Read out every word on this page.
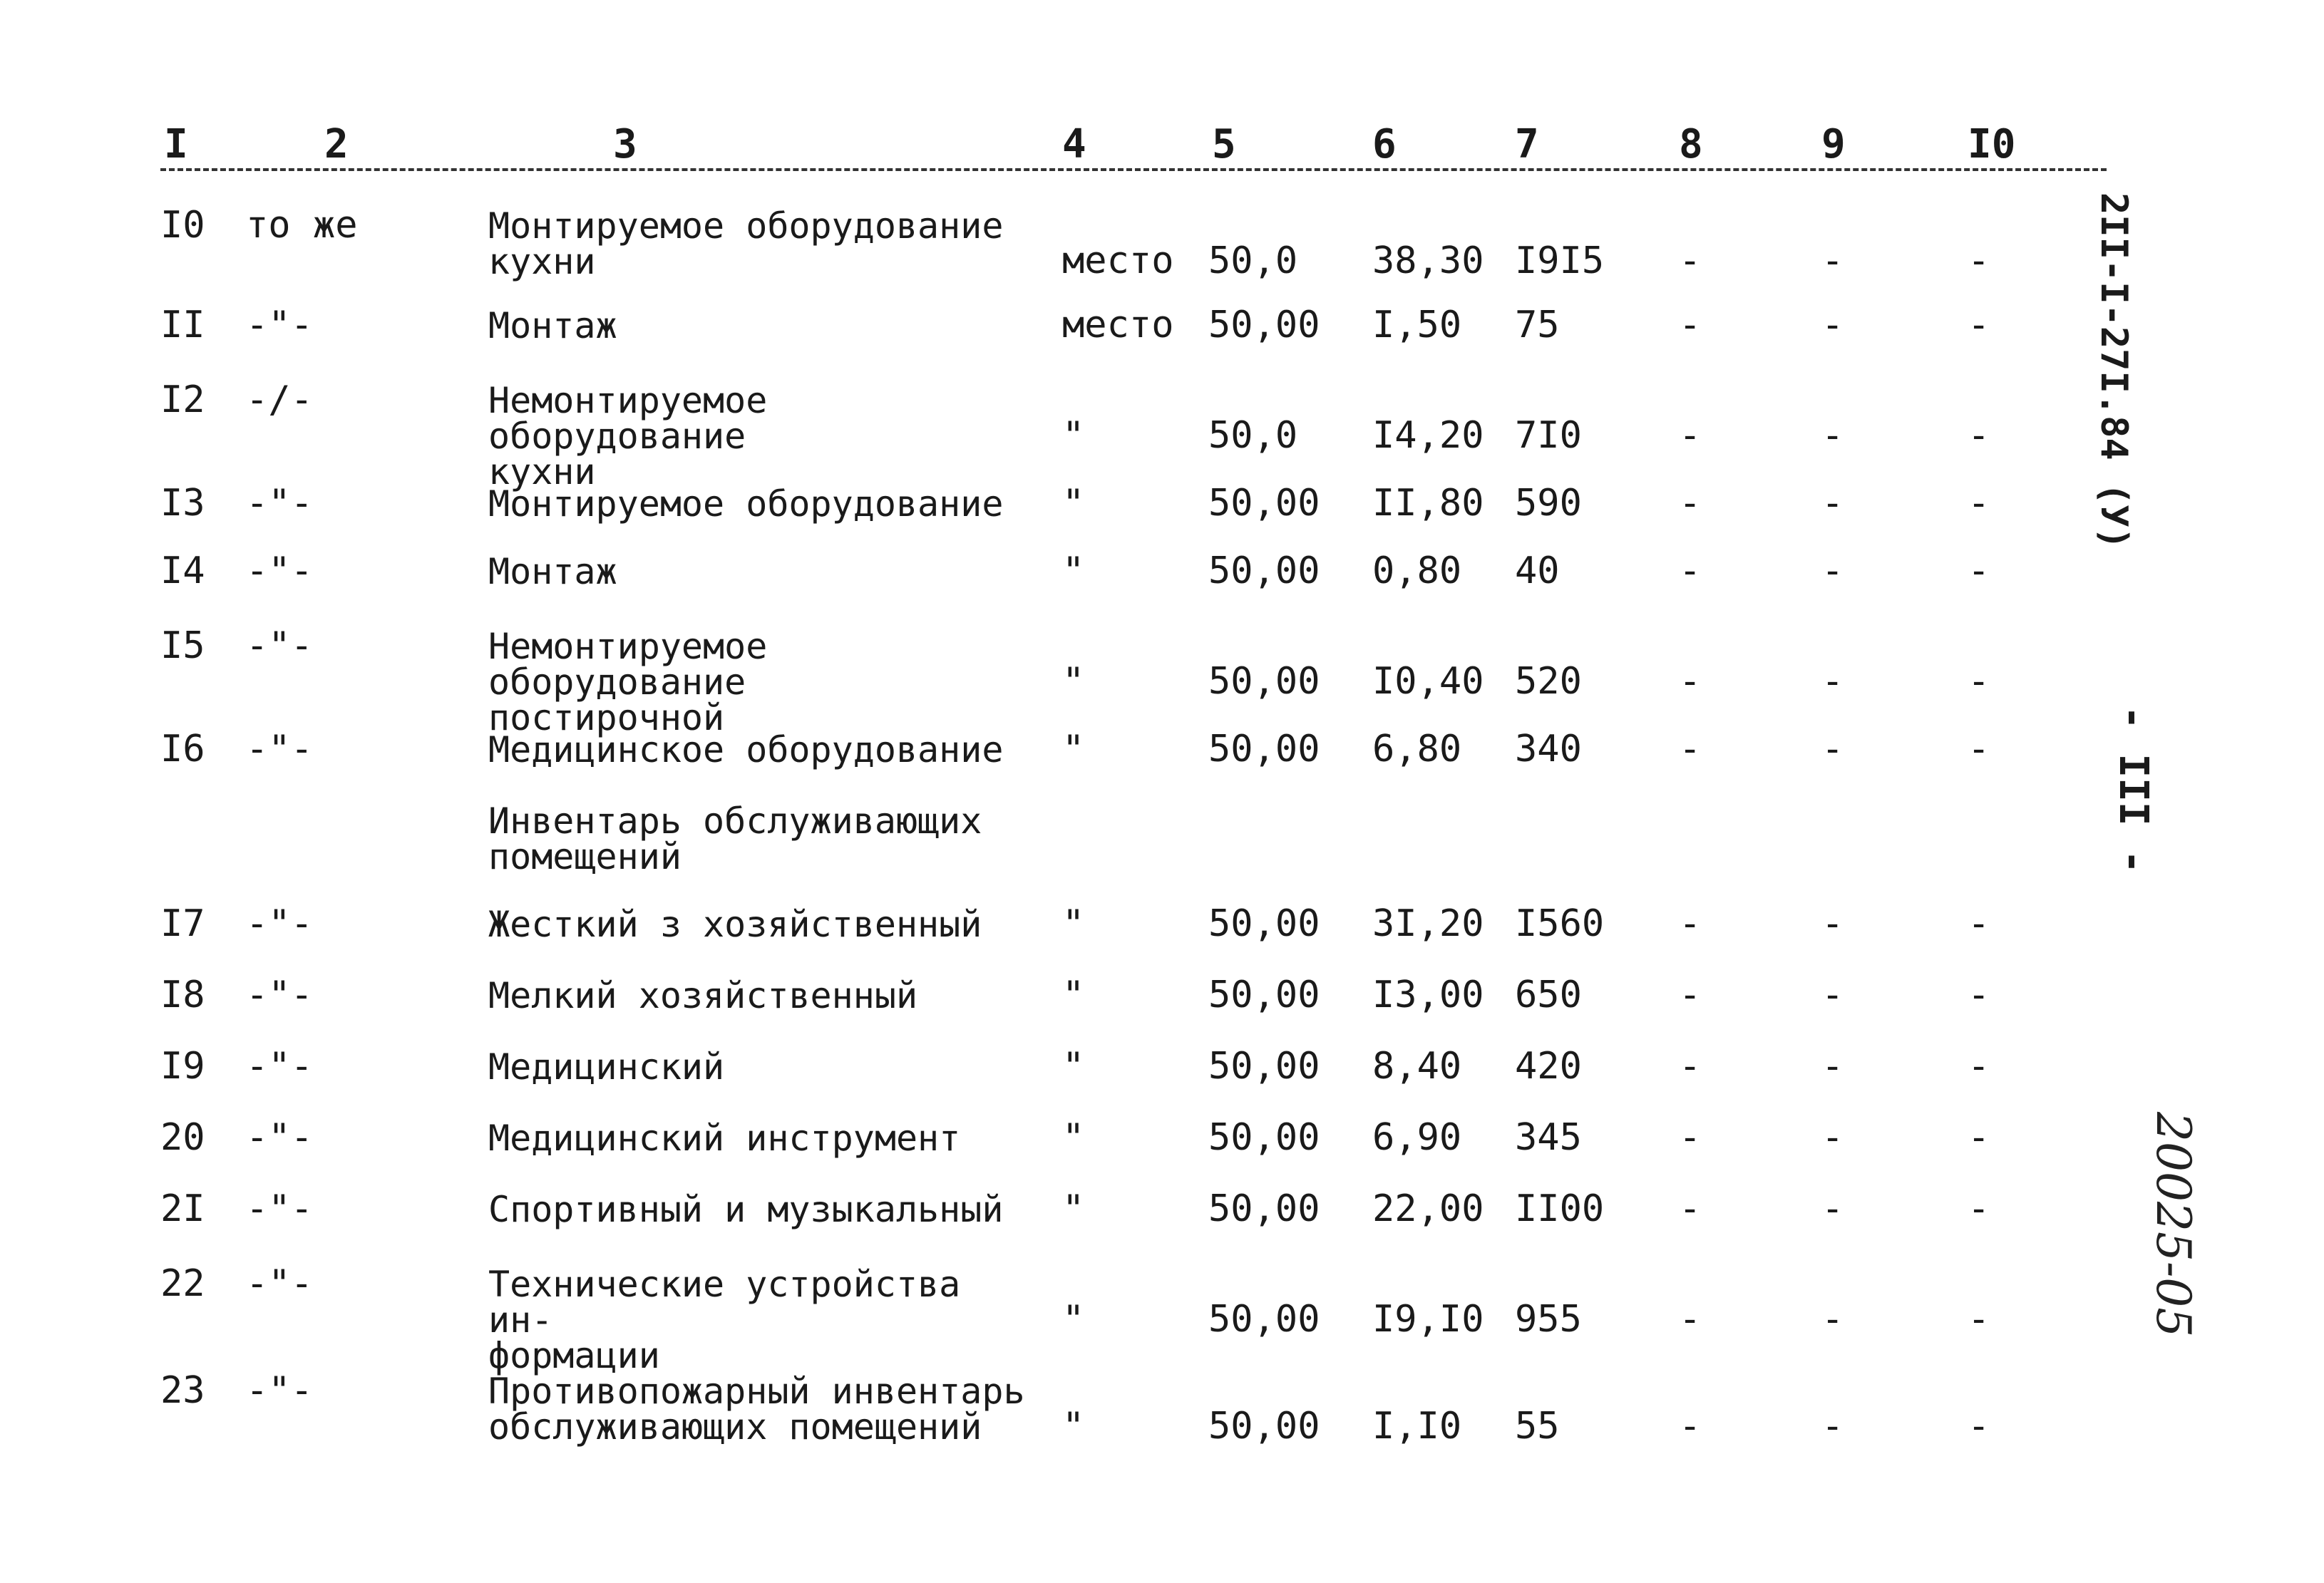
I	2	3	4	5	6	7	8	9	I0
I0 то же	Монтируемое оборудование
кухни	место 50,0 38,30 I9I5 -	-	-
II -"-	Монтаж	место 50,00 I,50 75	-	-	-
I2 -/-	Немонтируемое оборудование
кухни
"	50,0 I4,20 7I0	-	-	-
I3 -"-	Монтируемое оборудование	"	50,00 II,80 590	-	-	-
I4 -"-	Монтаж	"	50,00 0,80 40	-	-	-
I5 -"-	Немонтируемое оборудование
постирочной
"	50,00 I0,40 520	-	-	-
I6 -"-	Медицинское оборудование	"	50,00 6,80 340	-	-	-
Инвентарь обслуживающих
помещений
I7 -"-	Жесткий з хозяйственный	"	50,00 3I,20 I560 -	-	-
I8 -"-	Мелкий хозяйственный	"	50,00 I3,00 650	-	-	-
I9 -"-	Медицинский	"	50,00 8,40 420	-	-	-
20 -"-	Медицинский инструмент	"	50,00 6,90 345	-	-	-
2I -"-	Спортивный и музыкальный	"	50,00 22,00 II00 -	-	-
22 -"-	Технические устройства ин-
формации
"	50,00 I9,I0 955	-	-	-
23 -"-	Противопожарный инвентарь
обслуживающих помещений	"	50,00 I,I0 55	-	-	-
2II-I-27I.84 (У)
- III -
20025-05
